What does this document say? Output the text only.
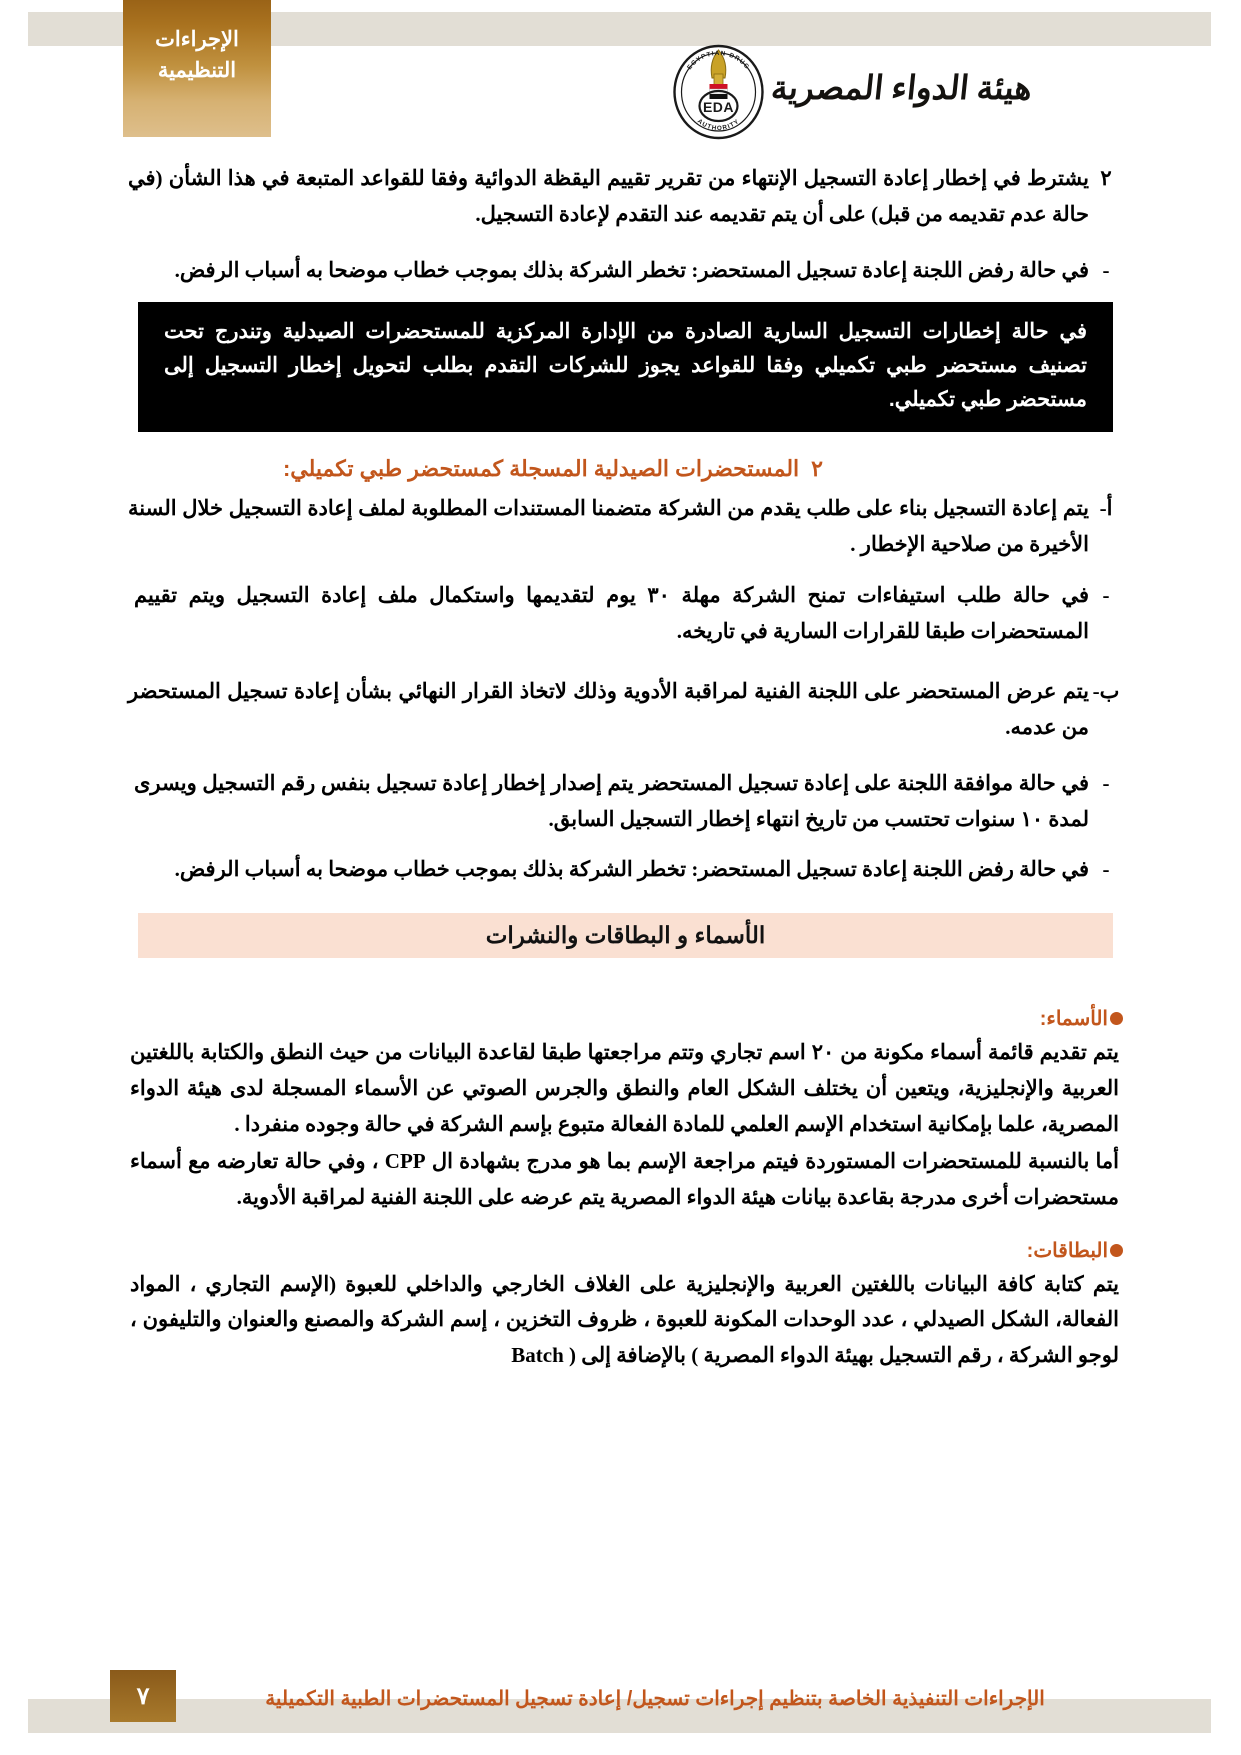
الإجراءات
التنظيمية
هيئة الدواء المصرية
EDA
EGYPTIAN DRUG
AUTHORITY
٢
يشترط في إخطار إعادة التسجيل الإنتهاء من تقرير تقييم اليقظة الدوائية وفقا للقواعد المتبعة في هذا الشأن (في حالة عدم تقديمه من قبل) على أن يتم تقديمه عند التقدم لإعادة التسجيل.
-
في حالة رفض اللجنة إعادة تسجيل المستحضر: تخطر الشركة بذلك بموجب خطاب موضحا به أسباب الرفض.
في حالة إخطارات التسجيل السارية الصادرة من الإدارة المركزية للمستحضرات الصيدلية وتندرج تحت تصنيف مستحضر طبي تكميلي وفقا للقواعد يجوز للشركات التقدم بطلب لتحويل إخطار التسجيل إلى مستحضر طبي تكميلي.
٢
المستحضرات الصيدلية المسجلة كمستحضر طبي تكميلي:
أ-
يتم إعادة التسجيل بناء على طلب يقدم من الشركة متضمنا المستندات المطلوبة لملف إعادة التسجيل خلال السنة الأخيرة من صلاحية الإخطار .
-
في حالة طلب استيفاءات تمنح الشركة مهلة ٣٠ يوم لتقديمها واستكمال ملف إعادة التسجيل ويتم تقييم المستحضرات طبقا للقرارات السارية في تاريخه.
ب-
يتم عرض المستحضر على اللجنة الفنية لمراقبة الأدوية وذلك لاتخاذ القرار النهائي بشأن إعادة تسجيل المستحضر من عدمه.
-
في حالة موافقة اللجنة على إعادة تسجيل المستحضر يتم إصدار إخطار إعادة تسجيل بنفس رقم التسجيل ويسرى لمدة ١٠ سنوات تحتسب من تاريخ انتهاء إخطار التسجيل السابق.
-
في حالة رفض اللجنة إعادة تسجيل المستحضر: تخطر الشركة بذلك بموجب خطاب موضحا به أسباب الرفض.
الأسماء و البطاقات والنشرات
الأسماء:
يتم تقديم قائمة أسماء مكونة من ٢٠ اسم تجاري وتتم مراجعتها طبقا لقاعدة البيانات من حيث النطق والكتابة باللغتين العربية والإنجليزية، ويتعين أن يختلف الشكل العام والنطق والجرس الصوتي عن الأسماء المسجلة لدى هيئة الدواء المصرية، علما بإمكانية استخدام الإسم العلمي للمادة الفعالة متبوع بإسم الشركة في حالة وجوده منفردا .
أما بالنسبة للمستحضرات المستوردة فيتم مراجعة الإسم بما هو مدرج بشهادة ال CPP ، وفي حالة تعارضه مع أسماء مستحضرات أخرى مدرجة بقاعدة بيانات هيئة الدواء المصرية يتم عرضه على اللجنة الفنية لمراقبة الأدوية.
البطاقات:
يتم كتابة كافة البيانات باللغتين العربية والإنجليزية على الغلاف الخارجي والداخلي للعبوة (الإسم التجاري ، المواد الفعالة، الشكل الصيدلي ، عدد الوحدات المكونة للعبوة ، ظروف التخزين ، إسم الشركة والمصنع والعنوان والتليفون ، لوجو الشركة ، رقم التسجيل بهيئة الدواء المصرية ) بالإضافة إلى ( Batch
٧	الإجراءات التنفيذية الخاصة بتنظيم إجراءات تسجيل/ إعادة تسجيل المستحضرات الطبية التكميلية
